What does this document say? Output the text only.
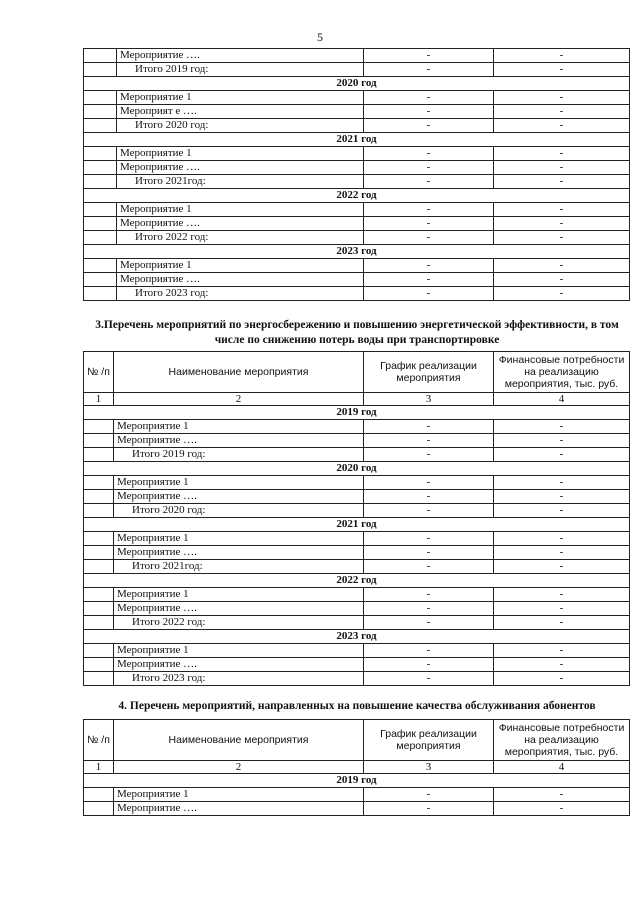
5
	Мероприятие ….	-	-
	Итого 2019 год:	-	-
2020 год			
	Мероприятие 1	-	-
	Мероприят е ….	-	-
	Итого 2020 год:	-	-
2021 год			
	Мероприятие 1	-	-
	Мероприятие ….	-	-
	Итого 2021год:	-	-
2022 год			
	Мероприятие 1	-	-
	Мероприятие ….	-	-
	Итого 2022 год:	-	-
2023 год			
	Мероприятие 1	-	-
	Мероприятие ….	-	-
	Итого 2023 год:	-	-
3.Перечень мероприятий по энергосбережению и повышению энергетической эффективности, в том числе по снижению потерь воды при транспортировке
№ /п	Наименование мероприятия	График реализации мероприятия	Финансовые потребности на реализацию мероприятия, тыс. руб.
1	2	3	4
2019 год			
	Мероприятие 1	-	-
	Мероприятие ….	-	-
	Итого 2019 год:	-	-
2020 год			
	Мероприятие 1	-	-
	Мероприятие ….	-	-
	Итого 2020 год:	-	-
2021 год			
	Мероприятие 1	-	-
	Мероприятие ….	-	-
	Итого 2021год:	-	-
2022 год			
	Мероприятие 1	-	-
	Мероприятие ….	-	-
	Итого 2022 год:	-	-
2023 год			
	Мероприятие 1	-	-
	Мероприятие ….	-	-
	Итого 2023 год:	-	-
4. Перечень мероприятий, направленных на повышение качества обслуживания абонентов
№ /п	Наименование мероприятия	График реализации мероприятия	Финансовые потребности на реализацию мероприятия, тыс. руб.
1	2	3	4
2019 год			
	Мероприятие 1	-	-
	Мероприятие ….	-	-
